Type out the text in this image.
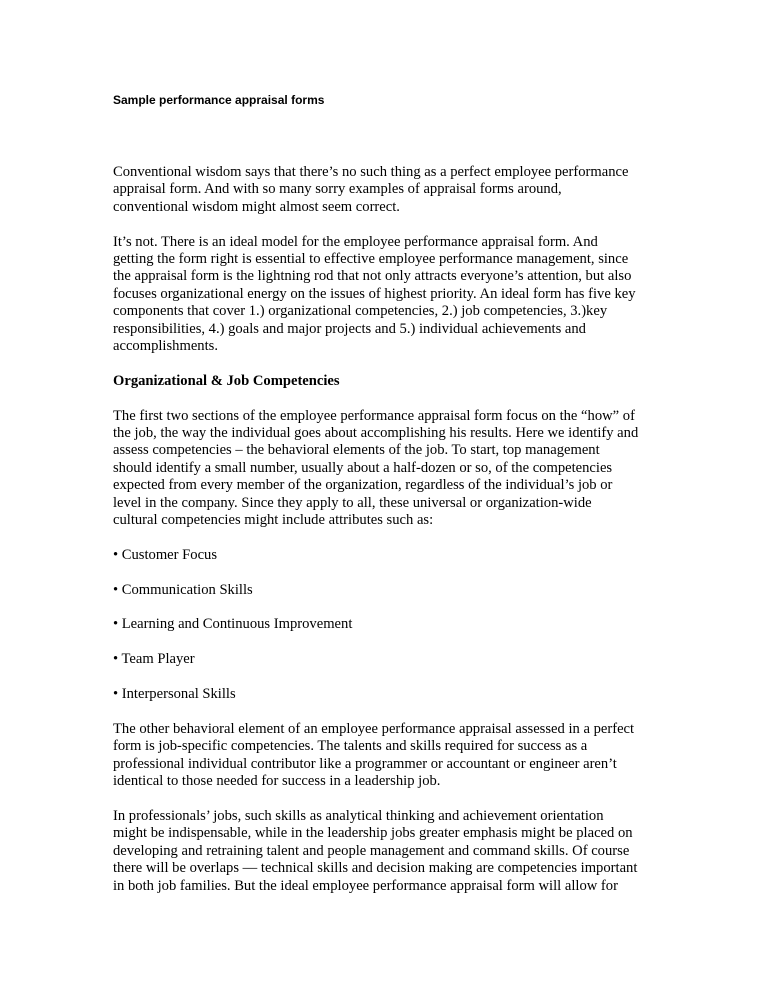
Sample performance appraisal forms
Conventional wisdom says that there’s no such thing as a perfect employee performance
appraisal form. And with so many sorry examples of appraisal forms around,
conventional wisdom might almost seem correct.
It’s not. There is an ideal model for the employee performance appraisal form. And
getting the form right is essential to effective employee performance management, since
the appraisal form is the lightning rod that not only attracts everyone’s attention, but also
focuses organizational energy on the issues of highest priority. An ideal form has five key
components that cover 1.) organizational competencies, 2.) job competencies, 3.)key
responsibilities, 4.) goals and major projects and 5.) individual achievements and
accomplishments.
Organizational & Job Competencies
The first two sections of the employee performance appraisal form focus on the “how” of
the job, the way the individual goes about accomplishing his results. Here we identify and
assess competencies – the behavioral elements of the job. To start, top management
should identify a small number, usually about a half-dozen or so, of the competencies
expected from every member of the organization, regardless of the individual’s job or
level in the company. Since they apply to all, these universal or organization-wide
cultural competencies might include attributes such as:
• Customer Focus
• Communication Skills
• Learning and Continuous Improvement
• Team Player
• Interpersonal Skills
The other behavioral element of an employee performance appraisal assessed in a perfect
form is job-specific competencies. The talents and skills required for success as a
professional individual contributor like a programmer or accountant or engineer aren’t
identical to those needed for success in a leadership job.
In professionals’ jobs, such skills as analytical thinking and achievement orientation
might be indispensable, while in the leadership jobs greater emphasis might be placed on
developing and retraining talent and people management and command skills. Of course
there will be overlaps — technical skills and decision making are competencies important
in both job families. But the ideal employee performance appraisal form will allow for
